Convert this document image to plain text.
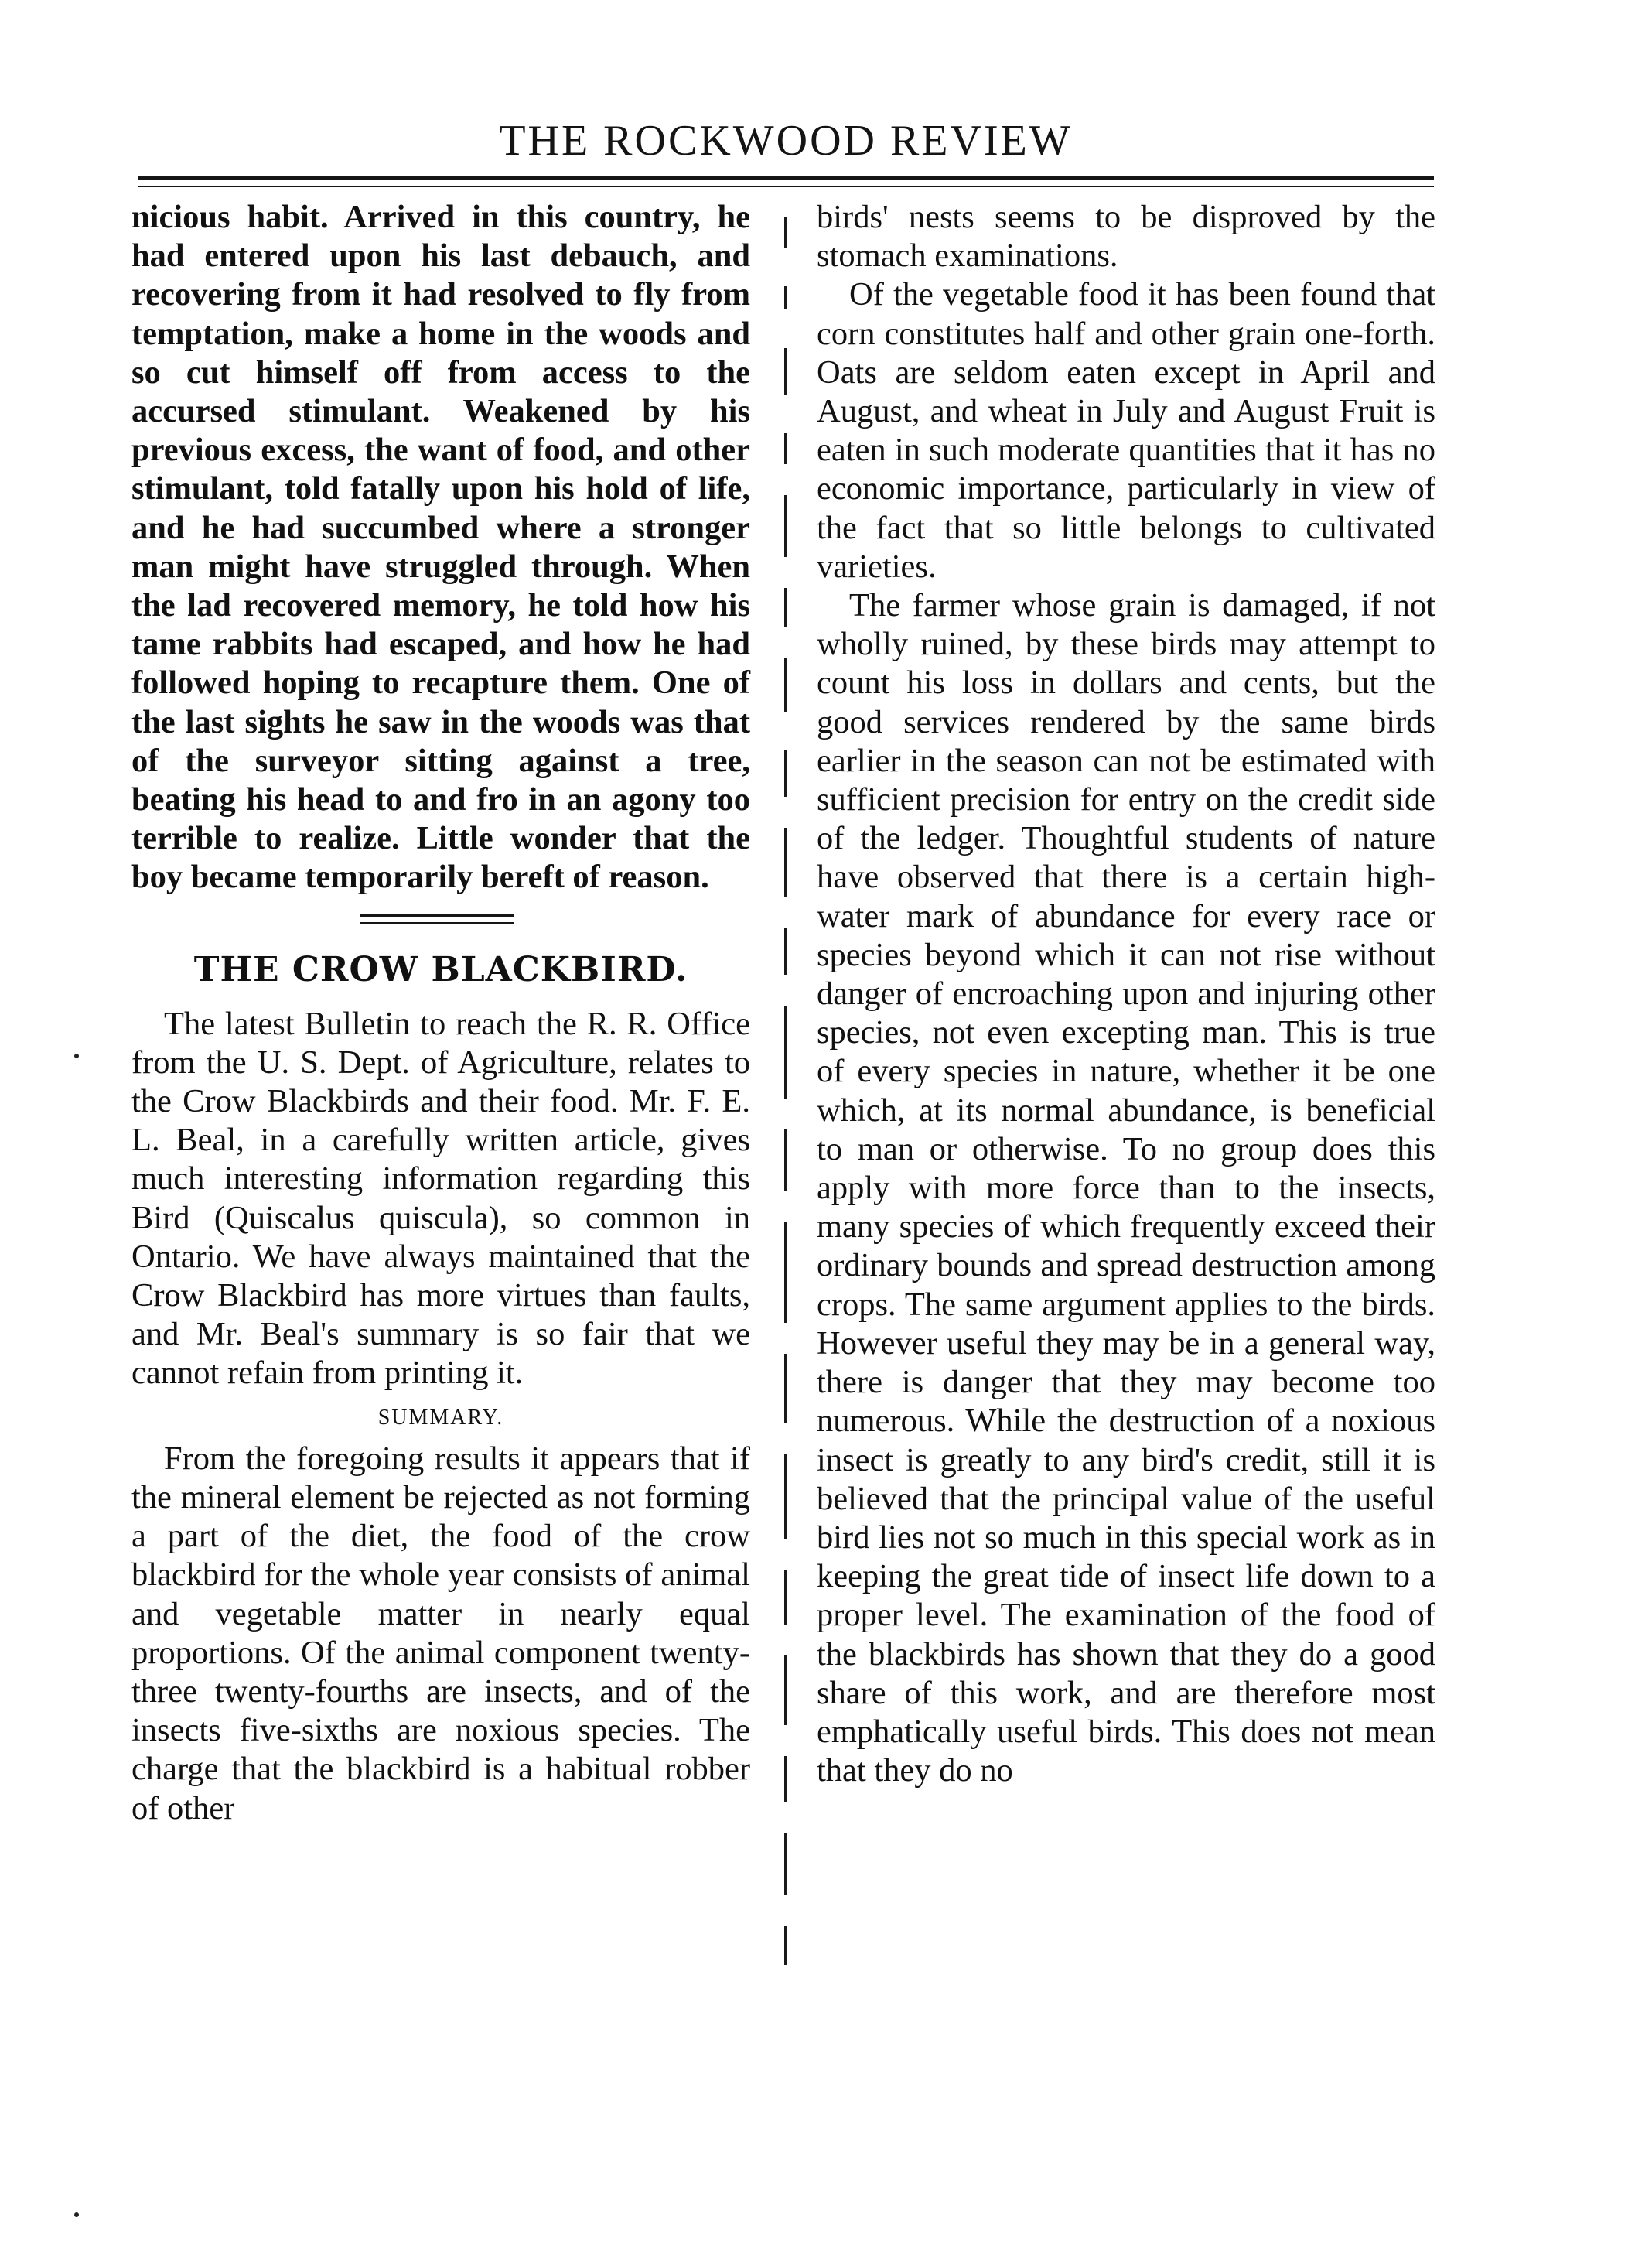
THE ROCKWOOD REVIEW

nicious habit. Arrived in this country, he had entered upon his last debauch, and recovering from it had resolved to fly from temptation, make a home in the woods and so cut himself off from access to the accursed stimulant. Weakened by his previous excess, the want of food, and other stimulant, told fatally upon his hold of life, and he had succumbed where a stronger man might have struggled through. When the lad recovered memory, he told how his tame rabbits had escaped, and how he had followed hoping to recapture them. One of the last sights he saw in the woods was that of the surveyor sitting against a tree, beating his head to and fro in an agony too terrible to realize. Little wonder that the boy became temporarily bereft of reason.

THE CROW BLACKBIRD.

The latest Bulletin to reach the R. R. Office from the U. S. Dept. of Agriculture, relates to the Crow Blackbirds and their food. Mr. F. E. L. Beal, in a carefully written article, gives much interesting information regarding this Bird (Quiscalus quiscula), so common in Ontario. We have always maintained that the Crow Blackbird has more virtues than faults, and Mr. Beal's summary is so fair that we cannot refain from printing it.

SUMMARY.

From the foregoing results it appears that if the mineral element be rejected as not forming a part of the diet, the food of the crow blackbird for the whole year consists of animal and vegetable matter in nearly equal proportions. Of the animal component twenty-three twenty-fourths are insects, and of the insects five-sixths are noxious species. The charge that the blackbird is a habitual robber of other

birds' nests seems to be disproved by the stomach examinations.

Of the vegetable food it has been found that corn constitutes half and other grain one-forth. Oats are seldom eaten except in April and August, and wheat in July and August Fruit is eaten in such moderate quantities that it has no economic importance, particularly in view of the fact that so little belongs to cultivated varieties.

The farmer whose grain is damaged, if not wholly ruined, by these birds may attempt to count his loss in dollars and cents, but the good services rendered by the same birds earlier in the season can not be estimated with sufficient precision for entry on the credit side of the ledger. Thoughtful students of nature have observed that there is a certain high-water mark of abundance for every race or species beyond which it can not rise without danger of encroaching upon and injuring other species, not even excepting man. This is true of every species in nature, whether it be one which, at its normal abundance, is beneficial to man or otherwise. To no group does this apply with more force than to the insects, many species of which frequently exceed their ordinary bounds and spread destruction among crops. The same argument applies to the birds. However useful they may be in a general way, there is danger that they may become too numerous. While the destruction of a noxious insect is greatly to any bird's credit, still it is believed that the principal value of the useful bird lies not so much in this special work as in keeping the great tide of insect life down to a proper level. The examination of the food of the blackbirds has shown that they do a good share of this work, and are therefore most emphatically useful birds. This does not mean that they do no
